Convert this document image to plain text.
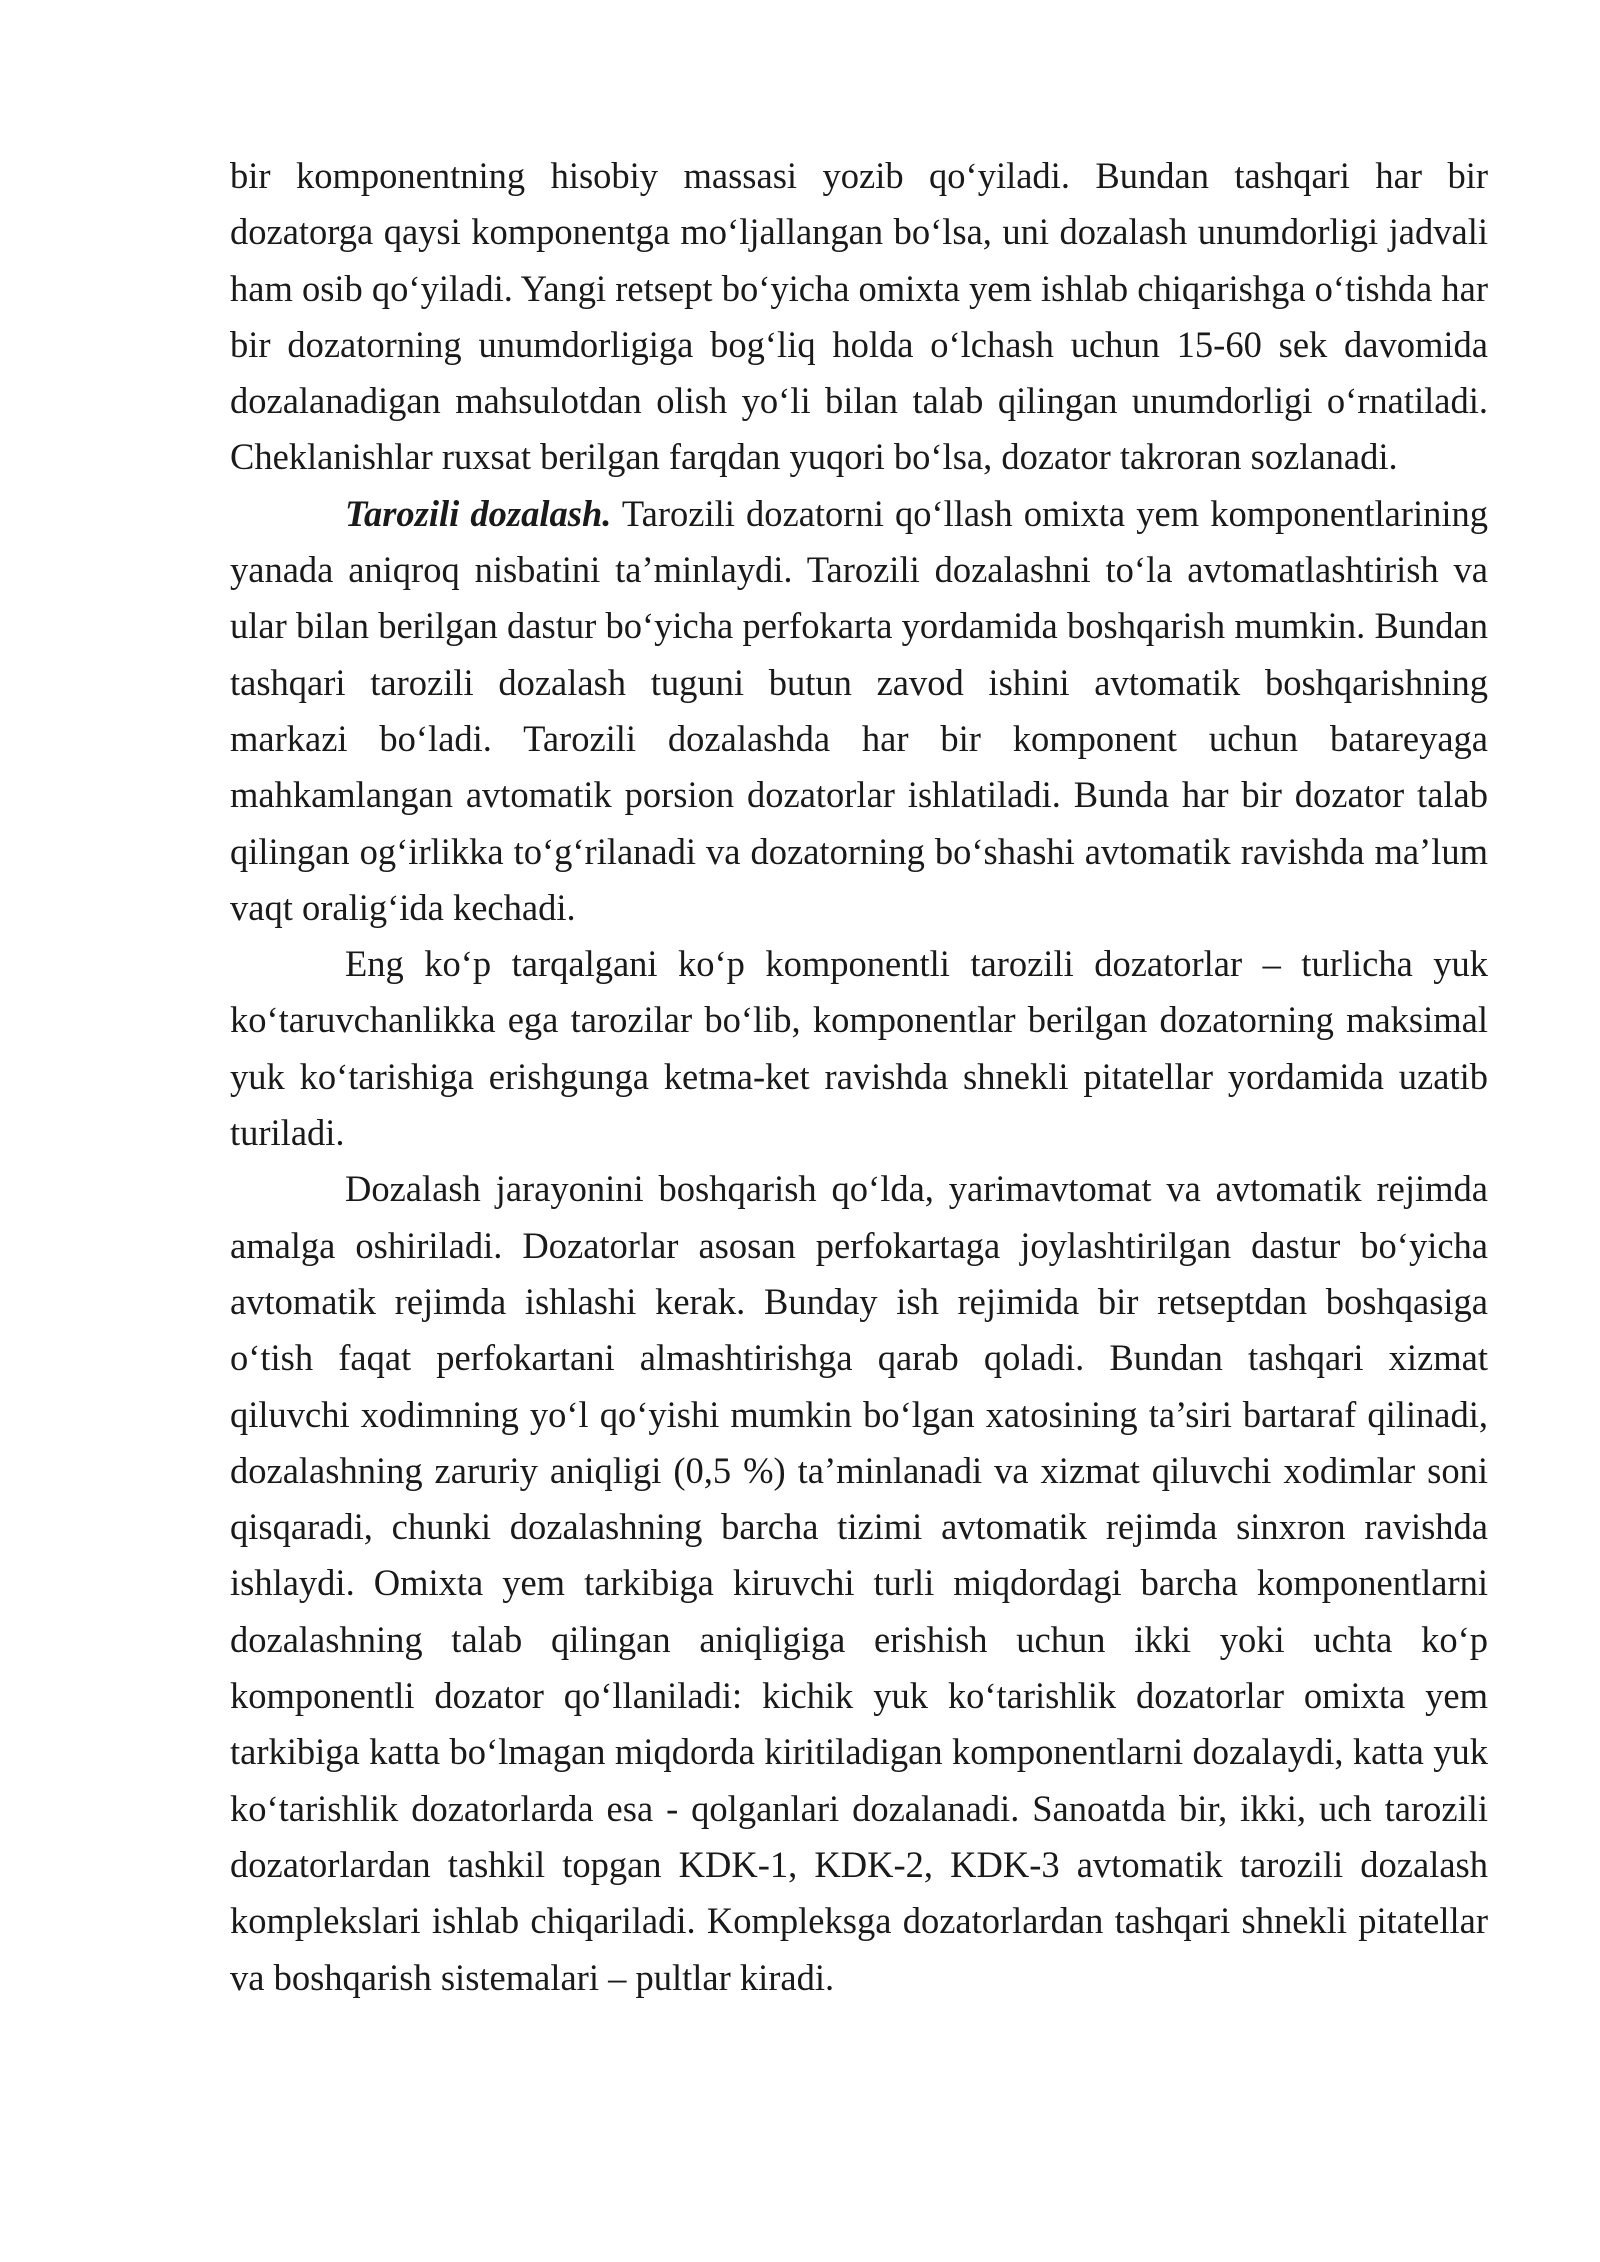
bir komponentning hisobiy massasi yozib qo‘yiladi. Bundan tashqari har bir dozatorga qaysi komponentga mo‘ljallangan bo‘lsa, uni dozalash unumdorligi jadvali ham osib qo‘yiladi. Yangi retsept bo‘yicha omixta yem ishlab chiqarishga o‘tishda har bir dozatorning unumdorligiga bog‘liq holda o‘lchash uchun 15-60 sek davomida dozalanadigan mahsulotdan olish yo‘li bilan talab qilingan unumdorligi o‘rnatiladi. Cheklanishlar ruxsat berilgan farqdan yuqori bo‘lsa, dozator takroran sozlanadi.

Tarozili dozalash. Tarozili dozatorni qo‘llash omixta yem komponentlarining yanada aniqroq nisbatini ta’minlaydi. Tarozili dozalashni to‘la avtomatlashtirish va ular bilan berilgan dastur bo‘yicha perfokarta yordamida boshqarish mumkin. Bundan tashqari tarozili dozalash tuguni butun zavod ishini avtomatik boshqarishning markazi bo‘ladi. Tarozili dozalashda har bir komponent uchun batareyaga mahkamlangan avtomatik porsion dozatorlar ishlatiladi. Bunda har bir dozator talab qilingan og‘irlikka to‘g‘rilanadi va dozatorning bo‘shashi avtomatik ravishda ma’lum vaqt oralig‘ida kechadi.

Eng ko‘p tarqalgani ko‘p komponentli tarozili dozatorlar – turlicha yuk ko‘taruvchanlikka ega tarozilar bo‘lib, komponentlar berilgan dozatorning maksimal yuk ko‘tarishiga erishgunga ketma-ket ravishda shnekli pitatellar yordamida uzatib turiladi.

Dozalash jarayonini boshqarish qo‘lda, yarimavtomat va avtomatik rejimda amalga oshiriladi. Dozatorlar asosan perfokartaga joylashtirilgan dastur bo‘yicha avtomatik rejimda ishlashi kerak. Bunday ish rejimida bir retseptdan boshqasiga o‘tish faqat perfokartani almashtirishga qarab qoladi. Bundan tashqari xizmat qiluvchi xodimning yo‘l qo‘yishi mumkin bo‘lgan xatosining ta’siri bartaraf qilinadi, dozalashning zaruriy aniqligi (0,5 %) ta’minlanadi va xizmat qiluvchi xodimlar soni qisqaradi, chunki dozalashning barcha tizimi avtomatik rejimda sinxron ravishda ishlaydi. Omixta yem tarkibiga kiruvchi turli miqdordagi barcha komponentlarni dozalashning talab qilingan aniqligiga erishish uchun ikki yoki uchta ko‘p komponentli dozator qo‘llaniladi: kichik yuk ko‘tarishlik dozatorlar omixta yem tarkibiga katta bo‘lmagan miqdorda kiritiladigan komponentlarni dozalaydi, katta yuk ko‘tarishlik dozatorlarda esa - qolganlari dozalanadi. Sanoatda bir, ikki, uch tarozili dozatorlardan tashkil topgan KDK-1, KDK-2, KDK-3 avtomatik tarozili dozalash komplekslari ishlab chiqariladi. Kompleksga dozatorlardan tashqari shnekli pitatellar va boshqarish sistemalari – pultlar kiradi.
